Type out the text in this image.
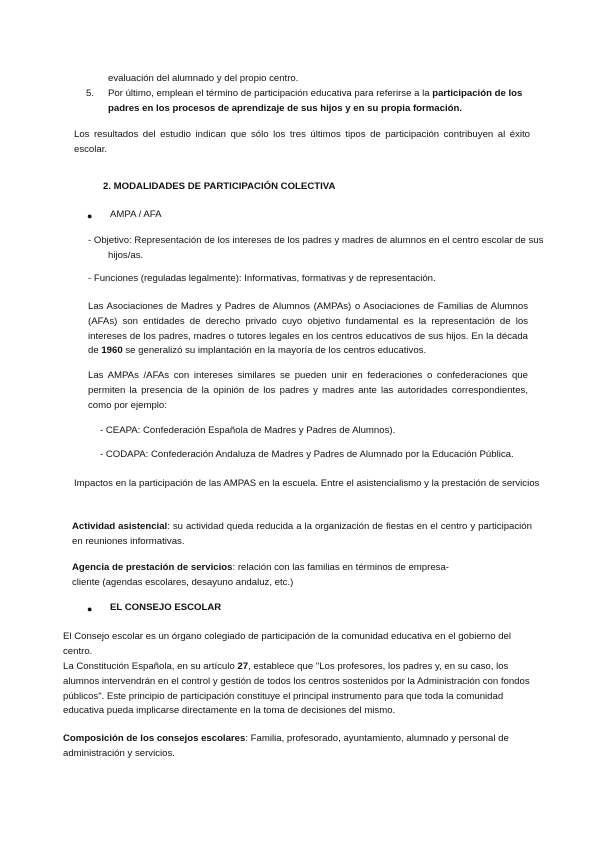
evaluación del alumnado y del propio centro.
5. Por último, emplean el término de participación educativa para referirse a la participación de los padres en los procesos de aprendizaje de sus hijos y en su propia formación.
Los resultados del estudio indican que sólo los tres últimos tipos de participación contribuyen al éxito escolar.
2. MODALIDADES DE PARTICIPACIÓN COLECTIVA
● AMPA / AFA
- Objetivo: Representación de los intereses de los padres y madres de alumnos en el centro escolar de sus hijos/as.
- Funciones (reguladas legalmente): Informativas, formativas y de representación.
Las Asociaciones de Madres y Padres de Alumnos (AMPAs) o Asociaciones de Familias de Alumnos (AFAs) son entidades de derecho privado cuyo objetivo fundamental es la representación de los intereses de los padres, madres o tutores legales en los centros educativos de sus hijos. En la década de 1960 se generalizó su implantación en la mayoría de los centros educativos.
Las AMPAs /AFAs con intereses similares se pueden unir en federaciones o confederaciones que permiten la presencia de la opinión de los padres y madres ante las autoridades correspondientes, como por ejemplo:
- CEAPA: Confederación Española de Madres y Padres de Alumnos).
- CODAPA: Confederación Andaluza de Madres y Padres de Alumnado por la Educación Pública.
Impactos en la participación de las AMPAS en la escuela. Entre el asistencialismo y la prestación de servicios
Actividad asistencial: su actividad queda reducida a la organización de fiestas en el centro y participación en reuniones informativas.
Agencia de prestación de servicios: relación con las familias en términos de empresa-cliente (agendas escolares, desayuno andaluz, etc.)
● EL CONSEJO ESCOLAR
El Consejo escolar es un órgano colegiado de participación de la comunidad educativa en el gobierno del centro.
La Constitución Española, en su artículo 27, establece que "Los profesores, los padres y, en su caso, los alumnos intervendrán en el control y gestión de todos los centros sostenidos por la Administración con fondos públicos". Este principio de participación constituye el principal instrumento para que toda la comunidad educativa pueda implicarse directamente en la toma de decisiones del mismo.
Composición de los consejos escolares: Familia, profesorado, ayuntamiento, alumnado y personal de administración y servicios.
